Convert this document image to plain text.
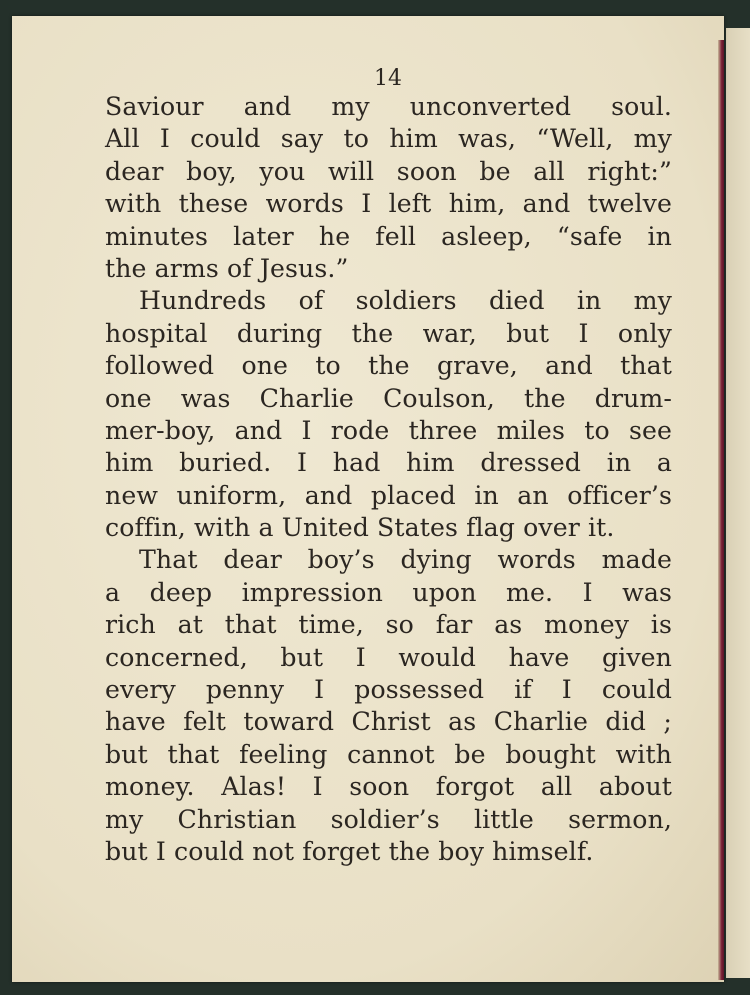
14

Saviour and my unconverted soul.
All I could say to him was, “Well, my
dear boy, you will soon be all right:”
with these words I left him, and twelve
minutes later he fell asleep, “safe in
the arms of Jesus.”
Hundreds of soldiers died in my
hospital during the war, but I only
followed one to the grave, and that
one was Charlie Coulson, the drum-
mer-boy, and I rode three miles to see
him buried. I had him dressed in a
new uniform, and placed in an officer’s
coffin, with a United States flag over it.
That dear boy’s dying words made
a deep impression upon me. I was
rich at that time, so far as money is
concerned, but I would have given
every penny I possessed if I could
have felt toward Christ as Charlie did ;
but that feeling cannot be bought with
money. Alas! I soon forgot all about
my Christian soldier’s little sermon,
but I could not forget the boy himself.
